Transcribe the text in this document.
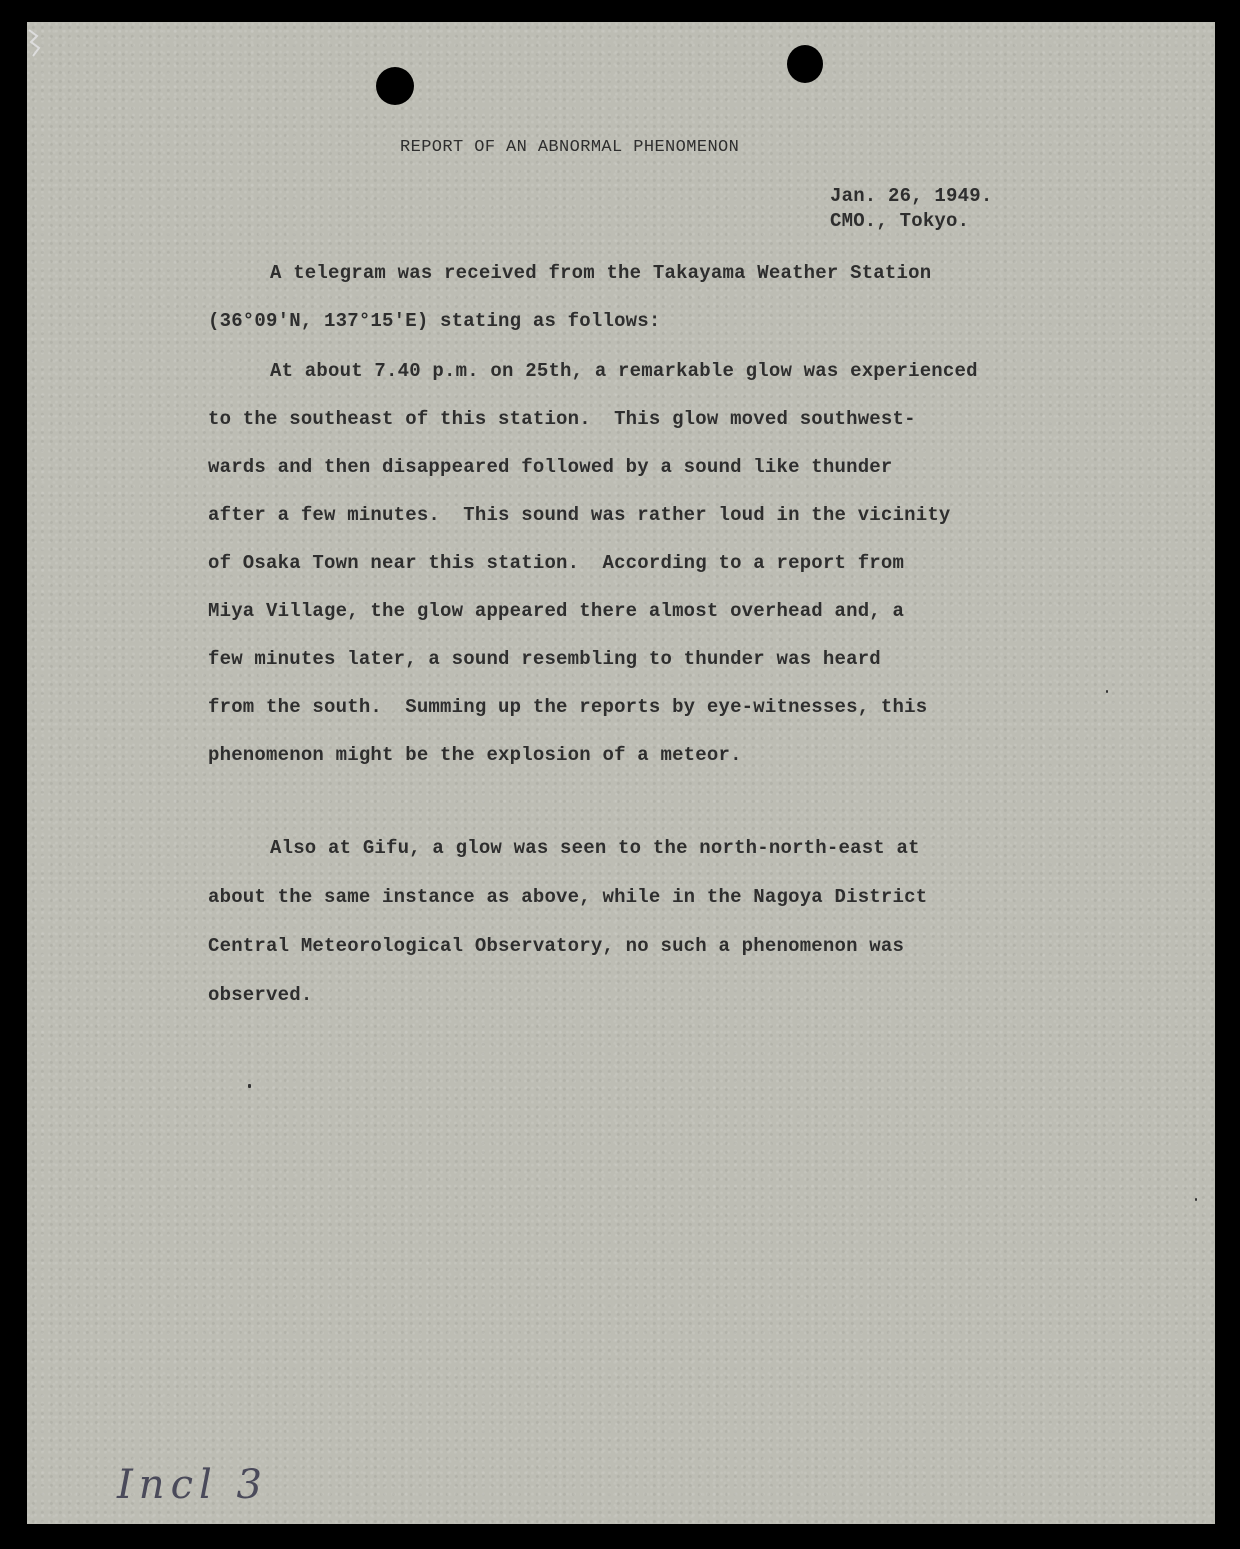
REPORT OF AN ABNORMAL PHENOMENON
Jan. 26, 1949.
CMO., Tokyo.
A telegram was received from the Takayama Weather Station
(36°09'N, 137°15'E) stating as follows:
At about 7.40 p.m. on 25th, a remarkable glow was experienced
to the southeast of this station.  This glow moved southwest-
wards and then disappeared followed by a sound like thunder
after a few minutes.  This sound was rather loud in the vicinity
of Osaka Town near this station.  According to a report from
Miya Village, the glow appeared there almost overhead and, a
few minutes later, a sound resembling to thunder was heard
from the south.  Summing up the reports by eye-witnesses, this
phenomenon might be the explosion of a meteor.
Also at Gifu, a glow was seen to the north-north-east at
about the same instance as above, while in the Nagoya District
Central Meteorological Observatory, no such a phenomenon was
observed.
Incl 3
